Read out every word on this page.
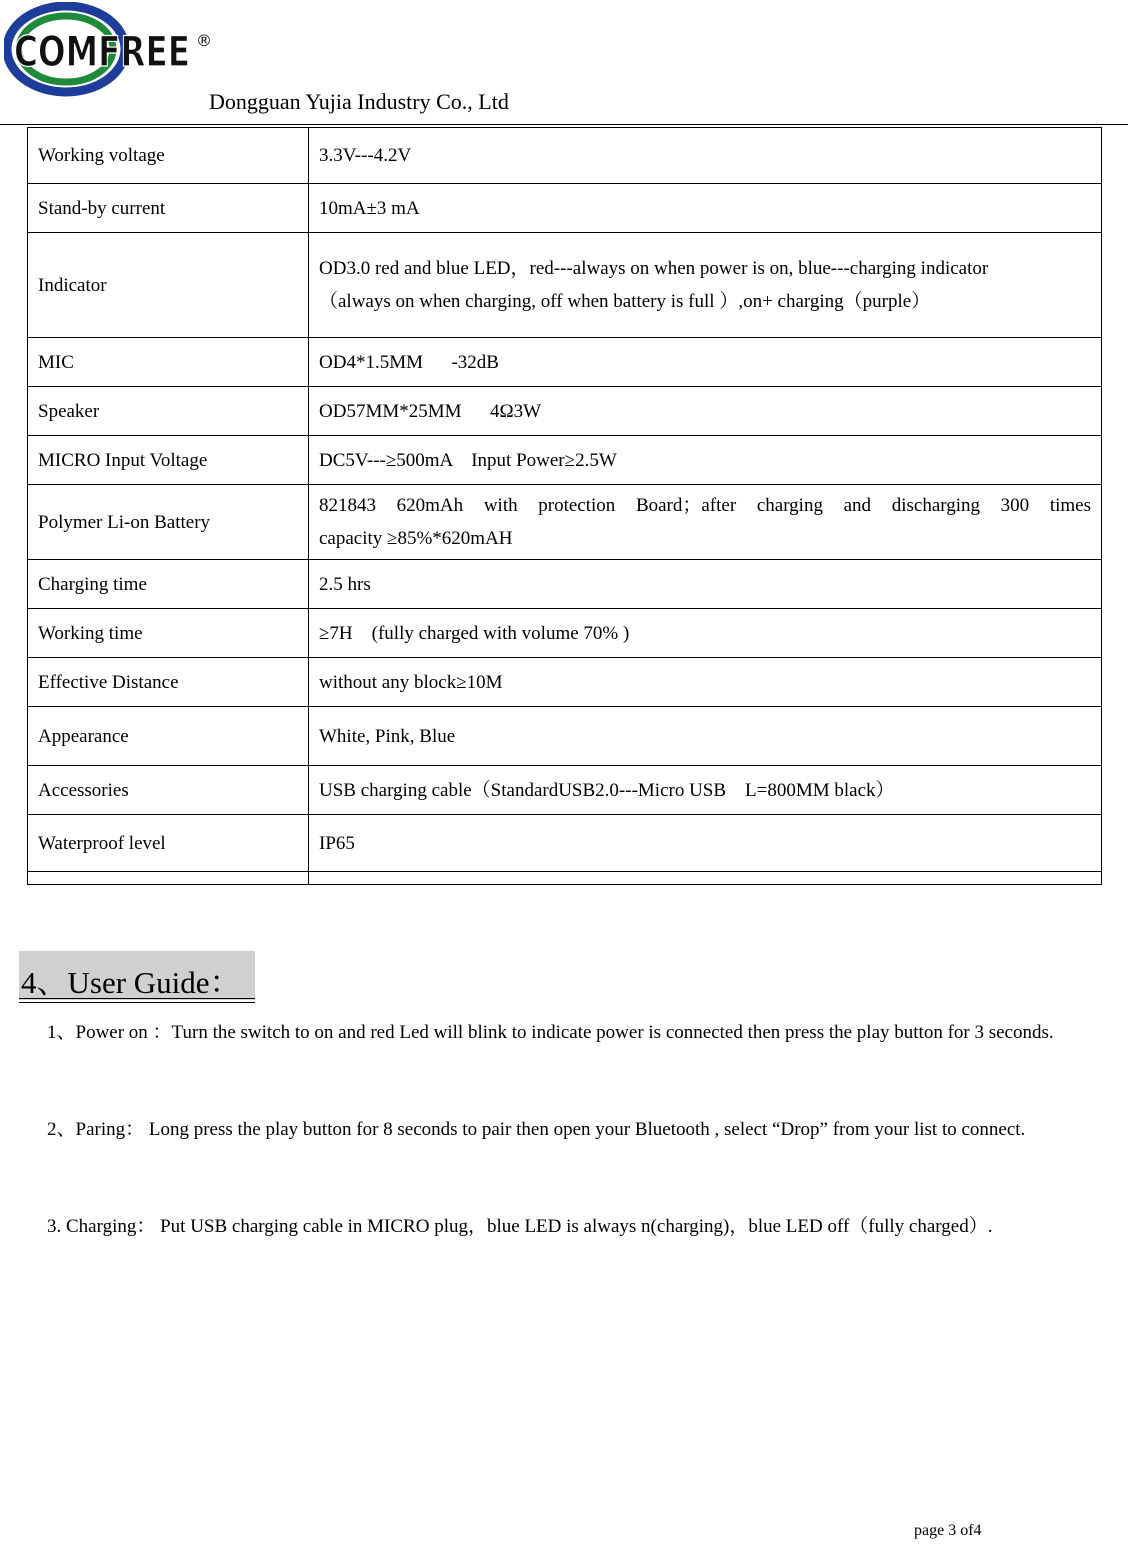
COMFREE ®
Dongguan Yujia Industry Co., Ltd
Working voltage	3.3V---4.2V
Stand-by current	10mA±3 mA
Indicator	OD3.0 red and blue LED，red---always on when power is on, blue---charging indicator
（always on when charging, off when battery is full ）,on+ charging（purple）

MIC	OD4*1.5MM      -32dB
Speaker	OD57MM*25MM      4Ω3W
MICRO Input Voltage	DC5V---≥500mA    Input Power≥2.5W
Polymer Li-on Battery	821843 620mAh with protection Board；after charging and discharging 300 times
capacity ≥85%*620mAH

Charging time	2.5 hrs
Working time	≥7H    (fully charged with volume 70% )
Effective Distance	without any block≥10M
Appearance	White, Pink, Blue
Accessories	USB charging cable（StandardUSB2.0---Micro USB    L=800MM black）
Waterproof level	IP65

4、User Guide：
1、Power on ：Turn the switch to on and red Led will blink to indicate power is connected then press the play button for 3 seconds.
2、Paring： Long press the play button for 8 seconds to pair then open your Bluetooth , select “Drop” from your list to connect.
3. Charging： Put USB charging cable in MICRO plug，blue LED is always n(charging)，blue LED off（fully charged）.
page 3 of4
